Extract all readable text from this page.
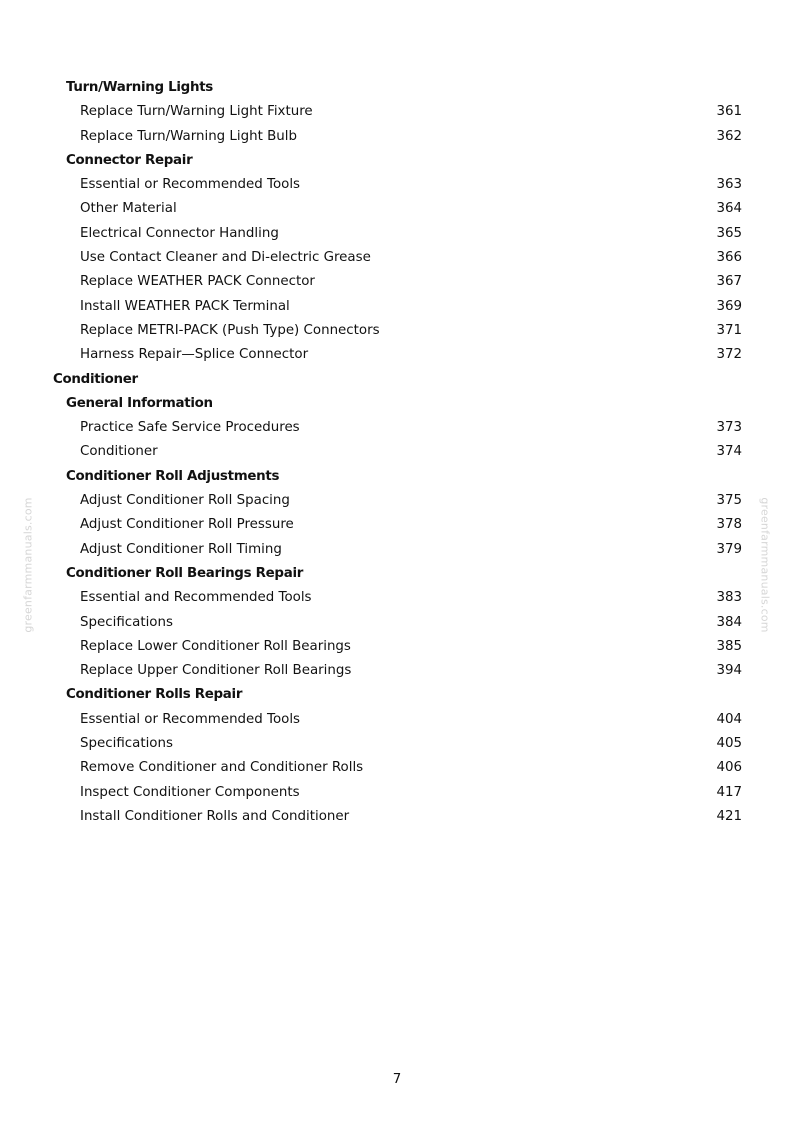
Turn/Warning Lights
Replace Turn/Warning Light Fixture	361
Replace Turn/Warning Light Bulb	362
Connector Repair
Essential or Recommended Tools	363
Other Material	364
Electrical Connector Handling	365
Use Contact Cleaner and Di-electric Grease	366
Replace WEATHER PACK Connector	367
Install WEATHER PACK Terminal	369
Replace METRI-PACK (Push Type) Connectors	371
Harness Repair—Splice Connector	372
Conditioner
General Information
Practice Safe Service Procedures	373
Conditioner	374
Conditioner Roll Adjustments
Adjust Conditioner Roll Spacing	375
Adjust Conditioner Roll Pressure	378
Adjust Conditioner Roll Timing	379
Conditioner Roll Bearings Repair
Essential and Recommended Tools	383
Specifications	384
Replace Lower Conditioner Roll Bearings	385
Replace Upper Conditioner Roll Bearings	394
Conditioner Rolls Repair
Essential or Recommended Tools	404
Specifications	405
Remove Conditioner and Conditioner Rolls	406
Inspect Conditioner Components	417
Install Conditioner Rolls and Conditioner	421
greenfarmmanuals.com	greenfarmmanuals.com
7
